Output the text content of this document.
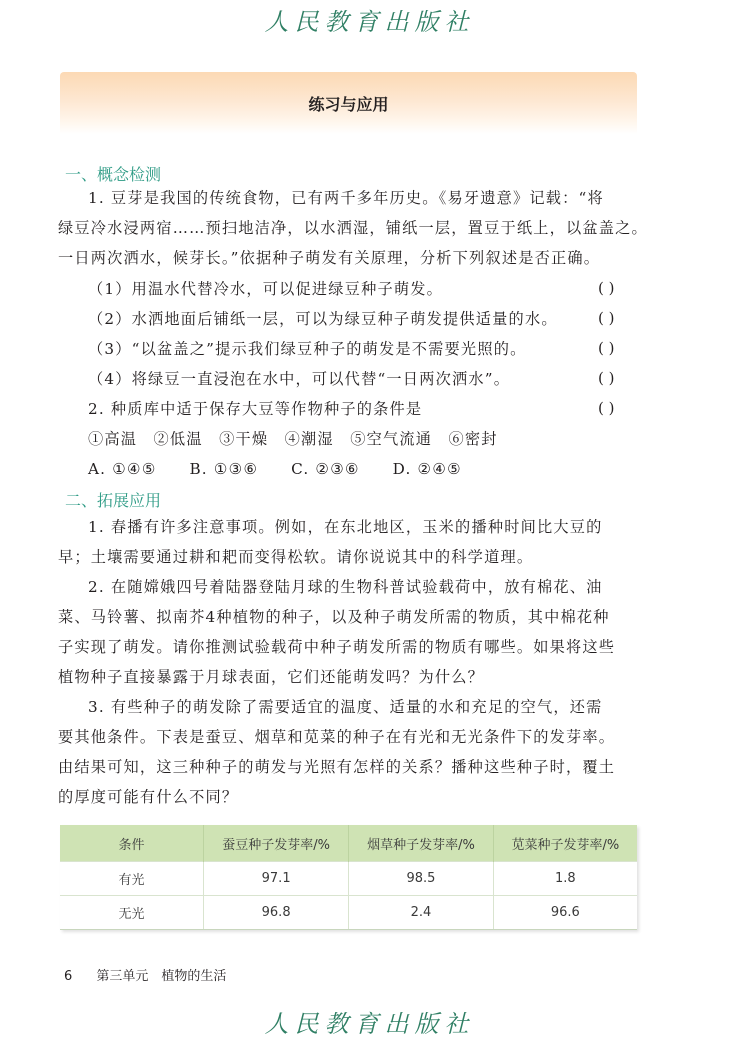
人民教育出版社
练习与应用
一、概念检测
1. 豆芽是我国的传统食物，已有两千多年历史。《易牙遗意》记载：“将
绿豆冷水浸两宿……预扫地洁净，以水洒湿，铺纸一层，置豆于纸上，以盆盖之。
一日两次洒水，候芽长。”依据种子萌发有关原理，分析下列叙述是否正确。
（1）用温水代替冷水，可以促进绿豆种子萌发。	( )
（2）水洒地面后铺纸一层，可以为绿豆种子萌发提供适量的水。	( )
（3）“以盆盖之”提示我们绿豆种子的萌发是不需要光照的。	( )
（4）将绿豆一直浸泡在水中，可以代替“一日两次洒水”。	( )
2. 种质库中适于保存大豆等作物种子的条件是	( )
①高温　②低温　③干燥　④潮湿　⑤空气流通　⑥密封
A. ①④⑤　　B. ①③⑥　　C. ②③⑥　　D. ②④⑤
二、拓展应用
1. 春播有许多注意事项。例如，在东北地区，玉米的播种时间比大豆的
早；土壤需要通过耕和耙而变得松软。请你说说其中的科学道理。
2. 在随嫦娥四号着陆器登陆月球的生物科普试验载荷中，放有棉花、油
菜、马铃薯、拟南芥4种植物的种子，以及种子萌发所需的物质，其中棉花种
子实现了萌发。请你推测试验载荷中种子萌发所需的物质有哪些。如果将这些
植物种子直接暴露于月球表面，它们还能萌发吗？为什么？
3. 有些种子的萌发除了需要适宜的温度、适量的水和充足的空气，还需
要其他条件。下表是蚕豆、烟草和苋菜的种子在有光和无光条件下的发芽率。
由结果可知，这三种种子的萌发与光照有怎样的关系？播种这些种子时，覆土
的厚度可能有什么不同？
条件	蚕豆种子发芽率/%	烟草种子发芽率/%	苋菜种子发芽率/%
有光	97.1	98.5	1.8
无光	96.8	2.4	96.6
6 第三单元　植物的生活
人民教育出版社
